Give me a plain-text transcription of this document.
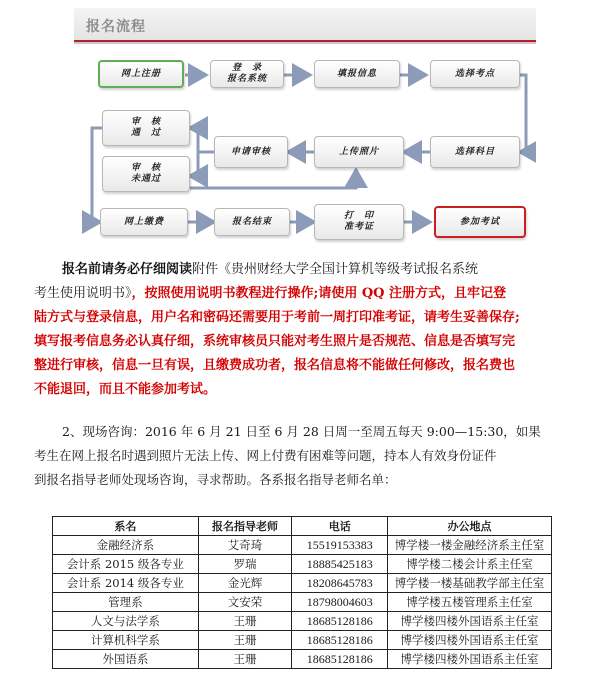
报名流程
网上注册
登　录
报名系统
填报信息	选择考点
审　核
通　过
审　核
未通过
申请审核	上传照片	选择科目
网上缴费	报名结束
打　印
准考证
参加考试
报名前请务必仔细阅读附件《贵州财经大学全国计算机等级考试报名系统
考生使用说明书》，按照使用说明书教程进行操作;请使用 QQ 注册方式，且牢记登
陆方式与登录信息，用户名和密码还需要用于考前一周打印准考证，请考生妥善保存;
填写报考信息务必认真仔细，系统审核员只能对考生照片是否规范、信息是否填写完
整进行审核，信息一旦有误，且缴费成功者，报名信息将不能做任何修改，报名费也
不能退回，而且不能参加考试。
2、现场咨询：2016 年 6 月 21 日至 6 月 28 日周一至周五每天 9:00—15:30，如果
考生在网上报名时遇到照片无法上传、网上付费有困难等问题，持本人有效身份证件
到报名指导老师处现场咨询，寻求帮助。各系报名指导老师名单：
系名	报名指导老师	电话	办公地点
金融经济系	艾奇琦	15519153383	博学楼一楼金融经济系主任室
会计系 2015 级各专业	罗瑞	18885425183	博学楼二楼会计系主任室
会计系 2014 级各专业	金光辉	18208645783	博学楼一楼基础教学部主任室
管理系	文安荣	18798004603	博学楼五楼管理系主任室
人文与法学系	王珊	18685128186	博学楼四楼外国语系主任室
计算机科学系	王珊	18685128186	博学楼四楼外国语系主任室
外国语系	王珊	18685128186	博学楼四楼外国语系主任室
